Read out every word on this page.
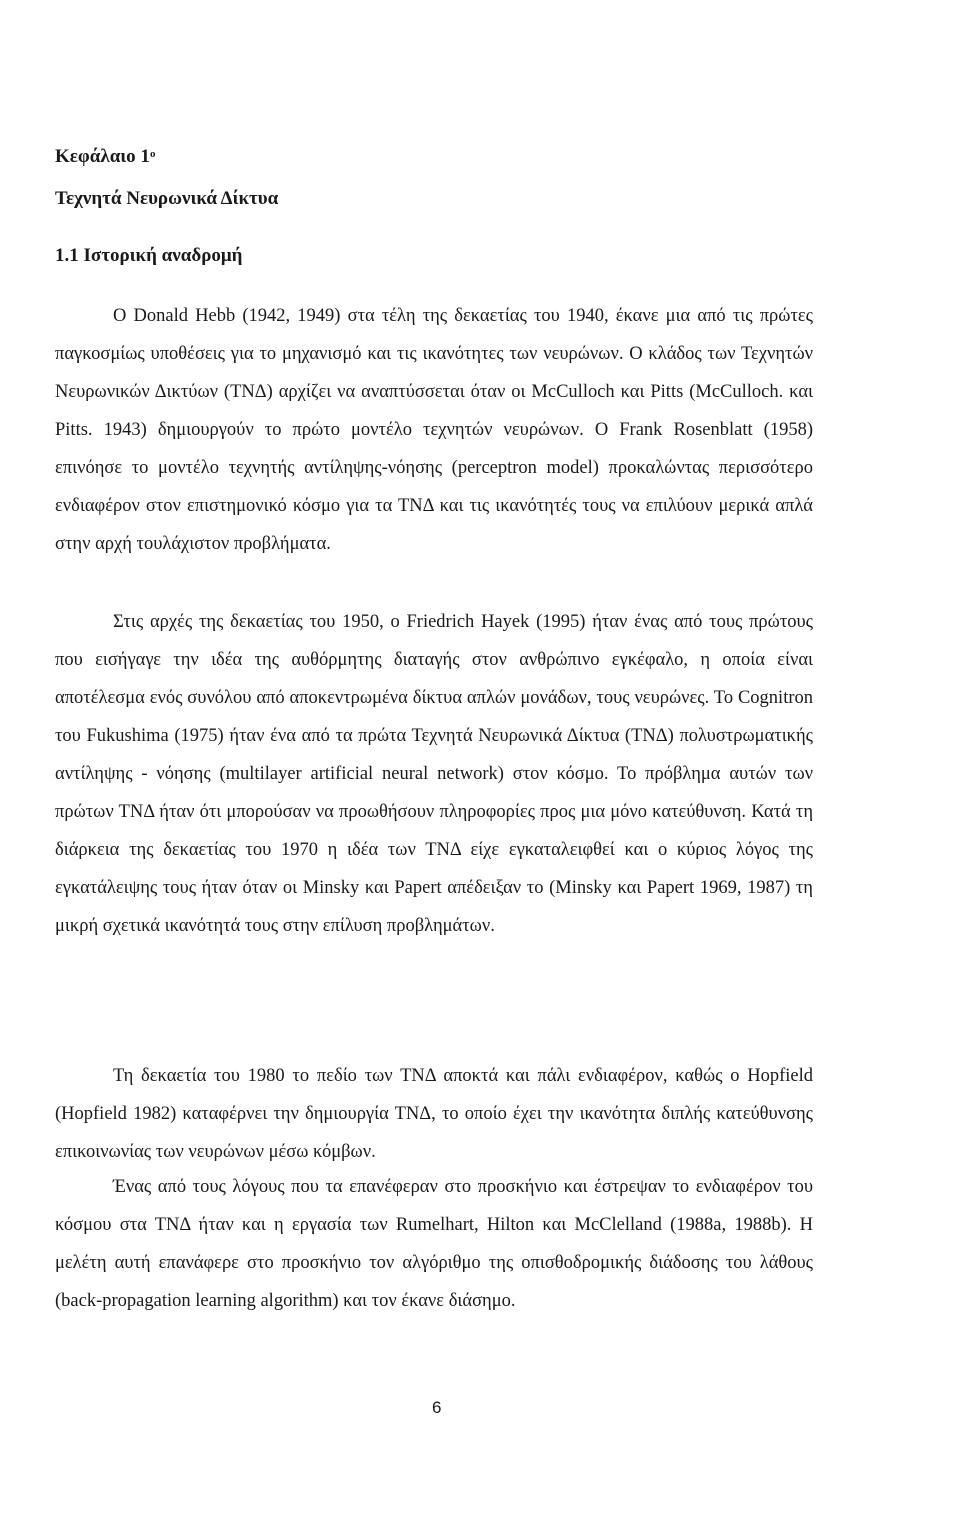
Κεφάλαιο $1^o$

Τεχνητά Νευρωνικά Δίκτυα

1.1 Ιστορική αναδρομή

Ο Donald Hebb (1942, 1949) στα τέλη της δεκαετίας του 1940, έκανε μια από τις πρώτες παγκοσμίως υποθέσεις για το μηχανισμό και τις ικανότητες των νευρώνων. Ο κλάδος των Τεχνητών Νευρωνικών Δικτύων (ΤΝΔ) αρχίζει να αναπτύσσεται όταν οι McCulloch και Pitts (McCulloch. και Pitts. 1943) δημιουργούν το πρώτο μοντέλο τεχνητών νευρώνων. Ο Frank Rosenblatt (1958) επινόησε το μοντέλο τεχνητής αντίληψης-νόησης (perceptron model) προκαλώντας περισσότερο ενδιαφέρον στον επιστημονικό κόσμο για τα ΤΝΔ και τις ικανότητές τους να επιλύουν μερικά απλά στην αρχή τουλάχιστον προβλήματα.

Στις αρχές της δεκαετίας του 1950, ο Friedrich Hayek (1995) ήταν ένας από τους πρώτους που εισήγαγε την ιδέα της αυθόρμητης διαταγής στον ανθρώπινο εγκέφαλο, η οποία είναι αποτέλεσμα ενός συνόλου από αποκεντρωμένα δίκτυα απλών μονάδων, τους νευρώνες. Το Cognitron του Fukushima (1975) ήταν ένα από τα πρώτα Τεχνητά Νευρωνικά Δίκτυα (ΤΝΔ) πολυστρωματικής αντίληψης - νόησης (multilayer artificial neural network) στον κόσμο. Το πρόβλημα αυτών των πρώτων ΤΝΔ ήταν ότι μπορούσαν να προωθήσουν πληροφορίες προς μια μόνο κατεύθυνση. Κατά τη διάρκεια της δεκαετίας του 1970 η ιδέα των ΤΝΔ είχε εγκαταλειφθεί και ο κύριος λόγος της εγκατάλειψης τους ήταν όταν οι Minsky και Papert απέδειξαν το (Minsky και Papert 1969, 1987) τη μικρή σχετικά ικανότητά τους στην επίλυση προβλημάτων.

Τη δεκαετία του 1980 το πεδίο των ΤΝΔ αποκτά και πάλι ενδιαφέρον, καθώς ο Hopfield (Hopfield 1982) καταφέρνει την δημιουργία ΤΝΔ, το οποίο έχει την ικανότητα διπλής κατεύθυνσης επικοινωνίας των νευρώνων μέσω κόμβων.

Ένας από τους λόγους που τα επανέφεραν στο προσκήνιο και έστρεψαν το ενδιαφέρον του κόσμου στα ΤΝΔ ήταν και η εργασία των Rumelhart, Hilton και McClelland (1988a, 1988b). Η μελέτη αυτή επανάφερε στο προσκήνιο τον αλγόριθμο της οπισθοδρομικής διάδοσης του λάθους (back-propagation learning algorithm) και τον έκανε διάσημο.

6
